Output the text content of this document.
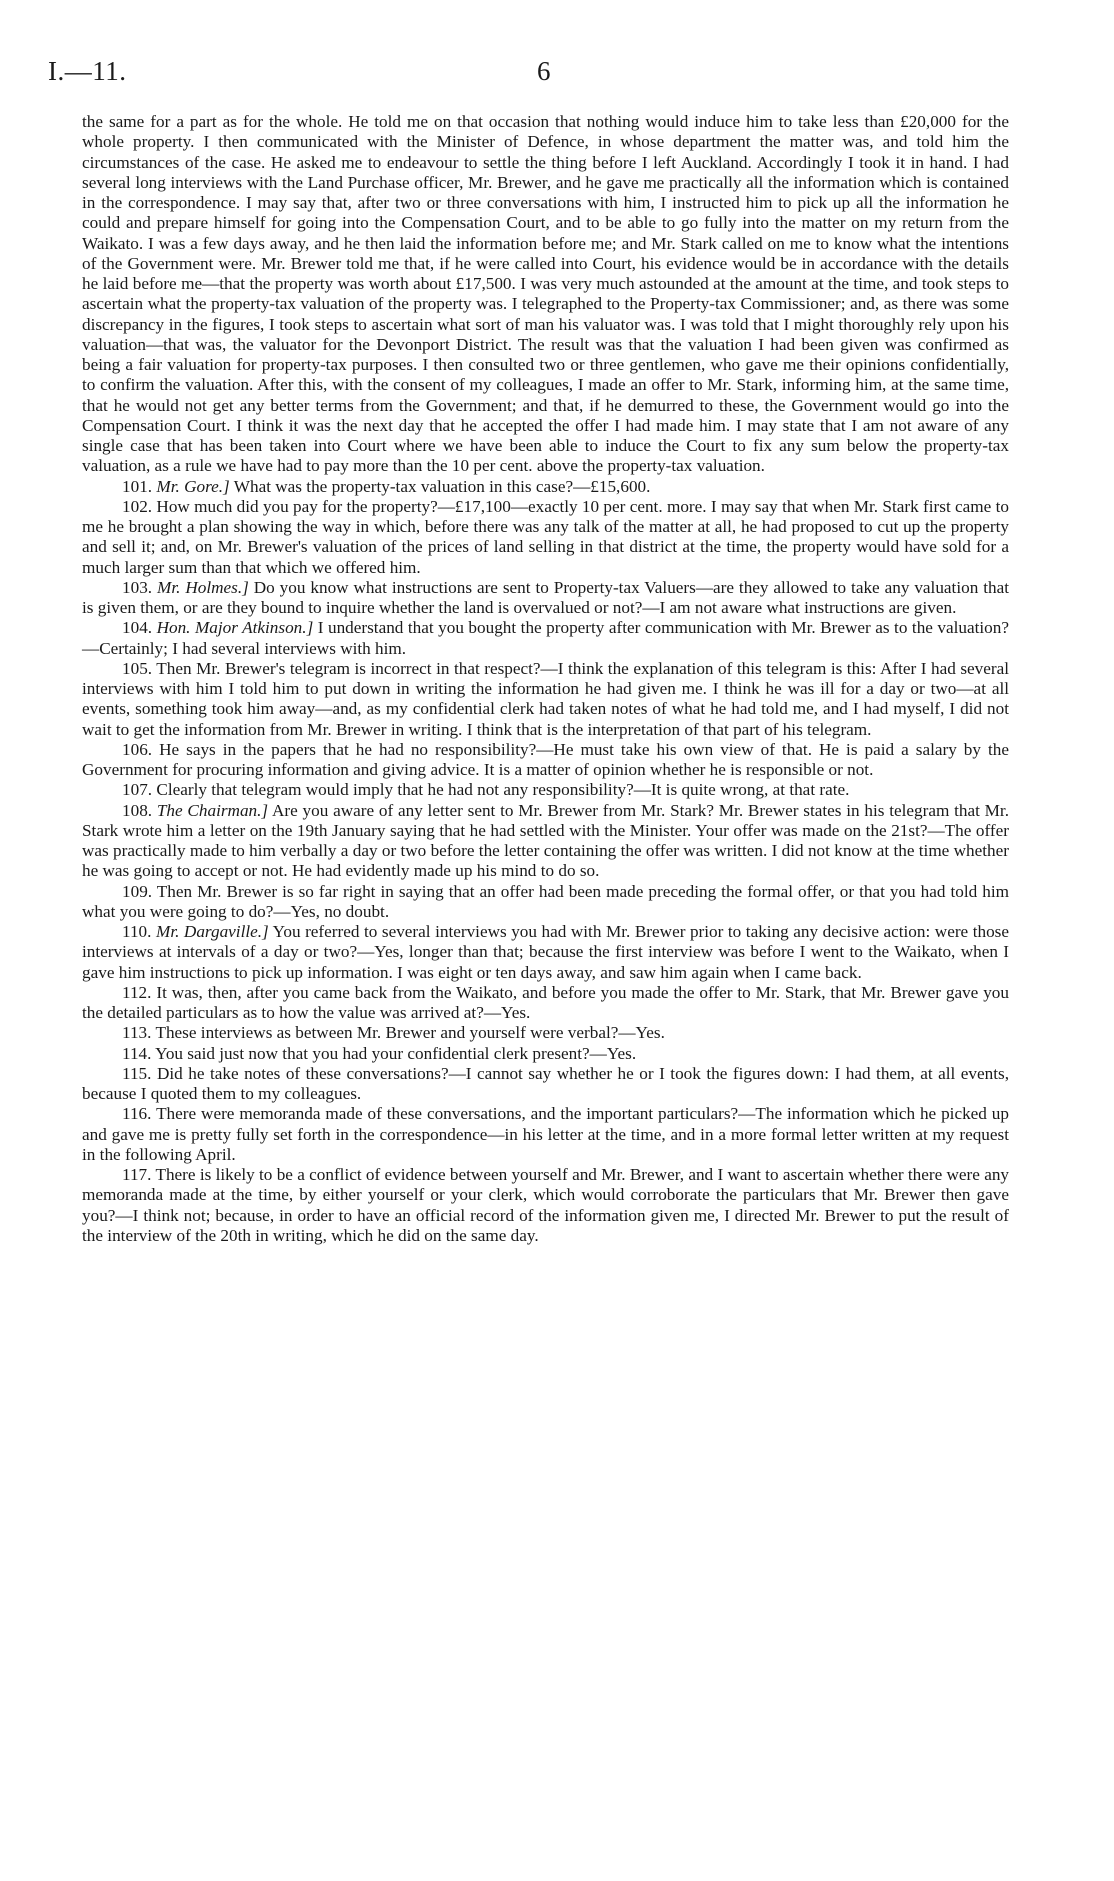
I.—11.	6

the same for a part as for the whole. He told me on that occasion that nothing would induce him to take less than £20,000 for the whole property. I then communicated with the Minister of Defence, in whose department the matter was, and told him the circumstances of the case. He asked me to endeavour to settle the thing before I left Auckland. Accordingly I took it in hand. I had several long interviews with the Land Purchase officer, Mr. Brewer, and he gave me practically all the information which is contained in the correspondence. I may say that, after two or three conversations with him, I instructed him to pick up all the information he could and prepare himself for going into the Compensation Court, and to be able to go fully into the matter on my return from the Waikato. I was a few days away, and he then laid the information before me; and Mr. Stark called on me to know what the intentions of the Government were. Mr. Brewer told me that, if he were called into Court, his evidence would be in accordance with the details he laid before me—that the property was worth about £17,500. I was very much astounded at the amount at the time, and took steps to ascertain what the property-tax valuation of the property was. I telegraphed to the Property-tax Commissioner; and, as there was some discrepancy in the figures, I took steps to ascertain what sort of man his valuator was. I was told that I might thoroughly rely upon his valuation—that was, the valuator for the Devonport District. The result was that the valuation I had been given was confirmed as being a fair valuation for property-tax purposes. I then consulted two or three gentlemen, who gave me their opinions confidentially, to confirm the valuation. After this, with the consent of my colleagues, I made an offer to Mr. Stark, informing him, at the same time, that he would not get any better terms from the Government; and that, if he demurred to these, the Government would go into the Compensation Court. I think it was the next day that he accepted the offer I had made him. I may state that I am not aware of any single case that has been taken into Court where we have been able to induce the Court to fix any sum below the property-tax valuation, as a rule we have had to pay more than the 10 per cent. above the property-tax valuation.

101. Mr. Gore.] What was the property-tax valuation in this case?—£15,600.

102. How much did you pay for the property?—£17,100—exactly 10 per cent. more. I may say that when Mr. Stark first came to me he brought a plan showing the way in which, before there was any talk of the matter at all, he had proposed to cut up the property and sell it; and, on Mr. Brewer's valuation of the prices of land selling in that district at the time, the property would have sold for a much larger sum than that which we offered him.

103. Mr. Holmes.] Do you know what instructions are sent to Property-tax Valuers—are they allowed to take any valuation that is given them, or are they bound to inquire whether the land is overvalued or not?—I am not aware what instructions are given.

104. Hon. Major Atkinson.] I understand that you bought the property after communication with Mr. Brewer as to the valuation?—Certainly; I had several interviews with him.

105. Then Mr. Brewer's telegram is incorrect in that respect?—I think the explanation of this telegram is this: After I had several interviews with him I told him to put down in writing the information he had given me. I think he was ill for a day or two—at all events, something took him away—and, as my confidential clerk had taken notes of what he had told me, and I had myself, I did not wait to get the information from Mr. Brewer in writing. I think that is the interpretation of that part of his telegram.

106. He says in the papers that he had no responsibility?—He must take his own view of that. He is paid a salary by the Government for procuring information and giving advice. It is a matter of opinion whether he is responsible or not.

107. Clearly that telegram would imply that he had not any responsibility?—It is quite wrong, at that rate.

108. The Chairman.] Are you aware of any letter sent to Mr. Brewer from Mr. Stark? Mr. Brewer states in his telegram that Mr. Stark wrote him a letter on the 19th January saying that he had settled with the Minister. Your offer was made on the 21st?—The offer was practically made to him verbally a day or two before the letter containing the offer was written. I did not know at the time whether he was going to accept or not. He had evidently made up his mind to do so.

109. Then Mr. Brewer is so far right in saying that an offer had been made preceding the formal offer, or that you had told him what you were going to do?—Yes, no doubt.

110. Mr. Dargaville.] You referred to several interviews you had with Mr. Brewer prior to taking any decisive action: were those interviews at intervals of a day or two?—Yes, longer than that; because the first interview was before I went to the Waikato, when I gave him instructions to pick up information. I was eight or ten days away, and saw him again when I came back.

112. It was, then, after you came back from the Waikato, and before you made the offer to Mr. Stark, that Mr. Brewer gave you the detailed particulars as to how the value was arrived at?—Yes.

113. These interviews as between Mr. Brewer and yourself were verbal?—Yes.

114. You said just now that you had your confidential clerk present?—Yes.

115. Did he take notes of these conversations?—I cannot say whether he or I took the figures down: I had them, at all events, because I quoted them to my colleagues.

116. There were memoranda made of these conversations, and the important particulars?—The information which he picked up and gave me is pretty fully set forth in the correspondence—in his letter at the time, and in a more formal letter written at my request in the following April.

117. There is likely to be a conflict of evidence between yourself and Mr. Brewer, and I want to ascertain whether there were any memoranda made at the time, by either yourself or your clerk, which would corroborate the particulars that Mr. Brewer then gave you?—I think not; because, in order to have an official record of the information given me, I directed Mr. Brewer to put the result of the interview of the 20th in writing, which he did on the same day.
